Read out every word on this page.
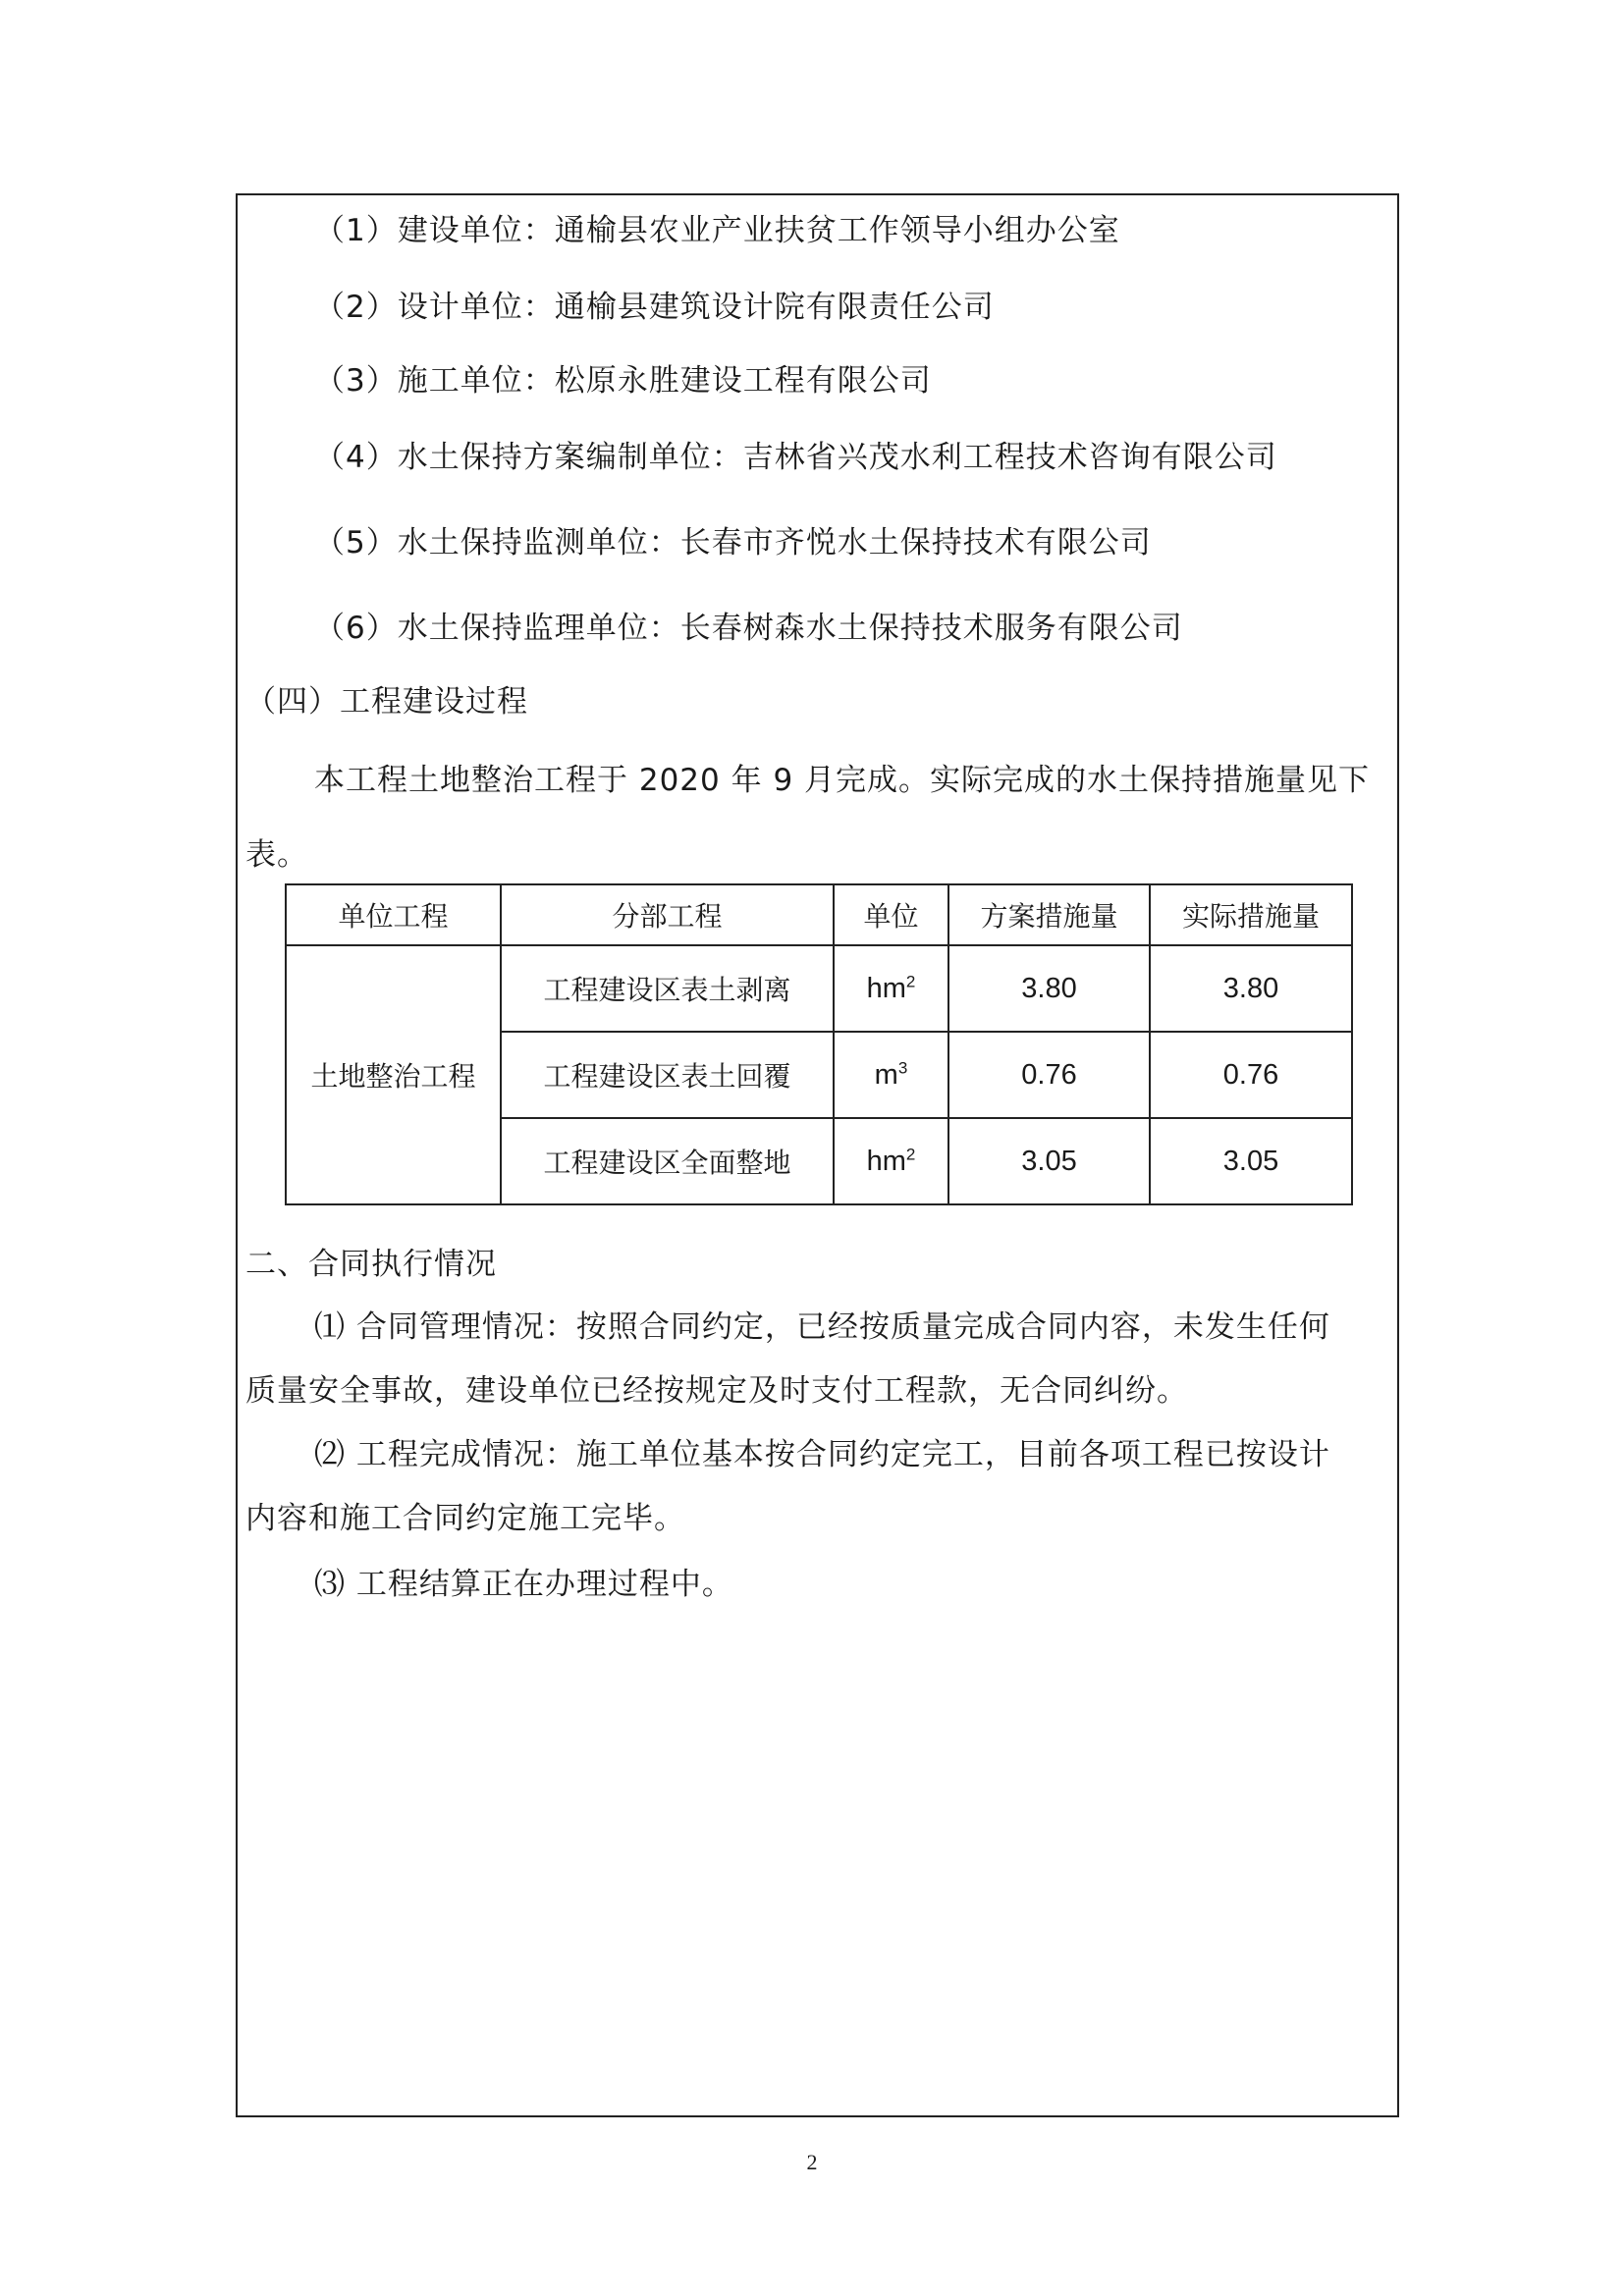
（1）建设单位：通榆县农业产业扶贫工作领导小组办公室
（2）设计单位：通榆县建筑设计院有限责任公司
（3）施工单位：松原永胜建设工程有限公司
（4）水土保持方案编制单位：吉林省兴茂水利工程技术咨询有限公司
（5）水土保持监测单位：长春市齐悦水土保持技术有限公司
（6）水土保持监理单位：长春树森水土保持技术服务有限公司
（四）工程建设过程
本工程土地整治工程于 2020 年 9 月完成。实际完成的水土保持措施量见下
表。
单位工程	分部工程	单位	方案措施量	实际措施量
土地整治工程	工程建设区表土剥离	$hm^2$	3.80	3.80
	工程建设区表土回覆	$m^3$	0.76	0.76
	工程建设区全面整地	$hm^2$	3.05	3.05
二、合同执行情况
⑴ 合同管理情况：按照合同约定，已经按质量完成合同内容，未发生任何
质量安全事故，建设单位已经按规定及时支付工程款，无合同纠纷。
⑵ 工程完成情况：施工单位基本按合同约定完工，目前各项工程已按设计
内容和施工合同约定施工完毕。
⑶ 工程结算正在办理过程中。
2
